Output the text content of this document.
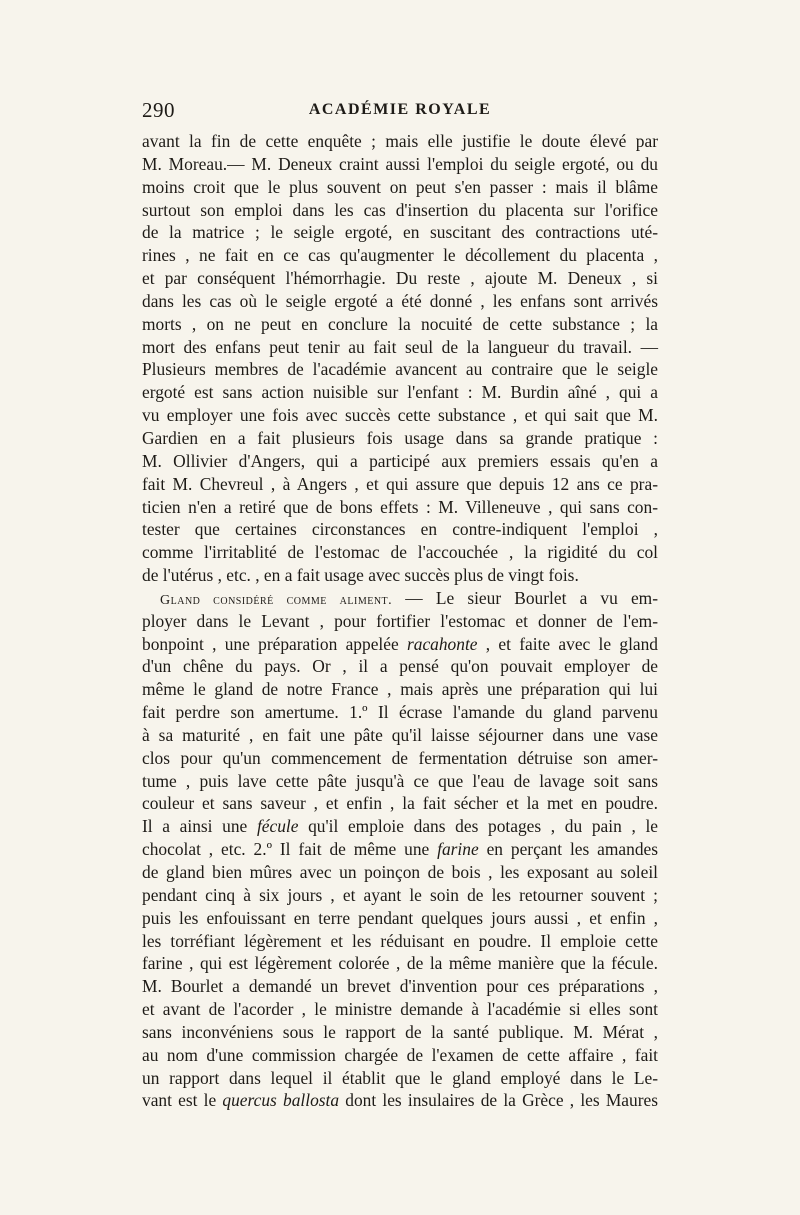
290	ACADÉMIE ROYALE
avant la fin de cette enquête ; mais elle justifie le doute élevé par
M. Moreau.— M. Deneux craint aussi l'emploi du seigle ergoté, ou du
moins croit que le plus souvent on peut s'en passer : mais il blâme
surtout son emploi dans les cas d'insertion du placenta sur l'orifice
de la matrice ; le seigle ergoté, en suscitant des contractions uté-
rines , ne fait en ce cas qu'augmenter le décollement du placenta ,
et par conséquent l'hémorrhagie. Du reste , ajoute M. Deneux , si
dans les cas où le seigle ergoté a été donné , les enfans sont arrivés
morts , on ne peut en conclure la nocuité de cette substance ; la
mort des enfans peut tenir au fait seul de la langueur du travail. —
Plusieurs membres de l'académie avancent au contraire que le seigle
ergoté est sans action nuisible sur l'enfant : M. Burdin aîné , qui a
vu employer une fois avec succès cette substance , et qui sait que M.
Gardien en a fait plusieurs fois usage dans sa grande pratique :
M. Ollivier d'Angers, qui a participé aux premiers essais qu'en a
fait M. Chevreul , à Angers , et qui assure que depuis 12 ans ce pra-
ticien n'en a retiré que de bons effets : M. Villeneuve , qui sans con-
tester que certaines circonstances en contre-indiquent l'emploi ,
comme l'irritablité de l'estomac de l'accouchée , la rigidité du col
de l'utérus , etc. , en a fait usage avec succès plus de vingt fois.
Gland considéré comme aliment. — Le sieur Bourlet a vu em-
ployer dans le Levant , pour fortifier l'estomac et donner de l'em-
bonpoint , une préparation appelée racahonte , et faite avec le gland
d'un chêne du pays. Or , il a pensé qu'on pouvait employer de
même le gland de notre France , mais après une préparation qui lui
fait perdre son amertume. 1.º Il écrase l'amande du gland parvenu
à sa maturité , en fait une pâte qu'il laisse séjourner dans une vase
clos pour qu'un commencement de fermentation détruise son amer-
tume , puis lave cette pâte jusqu'à ce que l'eau de lavage soit sans
couleur et sans saveur , et enfin , la fait sécher et la met en poudre.
Il a ainsi une fécule qu'il emploie dans des potages , du pain , le
chocolat , etc. 2.º Il fait de même une farine en perçant les amandes
de gland bien mûres avec un poinçon de bois , les exposant au soleil
pendant cinq à six jours , et ayant le soin de les retourner souvent ;
puis les enfouissant en terre pendant quelques jours aussi , et enfin ,
les torréfiant légèrement et les réduisant en poudre. Il emploie cette
farine , qui est légèrement colorée , de la même manière que la fécule.
M. Bourlet a demandé un brevet d'invention pour ces préparations ,
et avant de l'acorder , le ministre demande à l'académie si elles sont
sans inconvéniens sous le rapport de la santé publique. M. Mérat ,
au nom d'une commission chargée de l'examen de cette affaire , fait
un rapport dans lequel il établit que le gland employé dans le Le-
vant est le quercus ballosta dont les insulaires de la Grèce , les Maures
